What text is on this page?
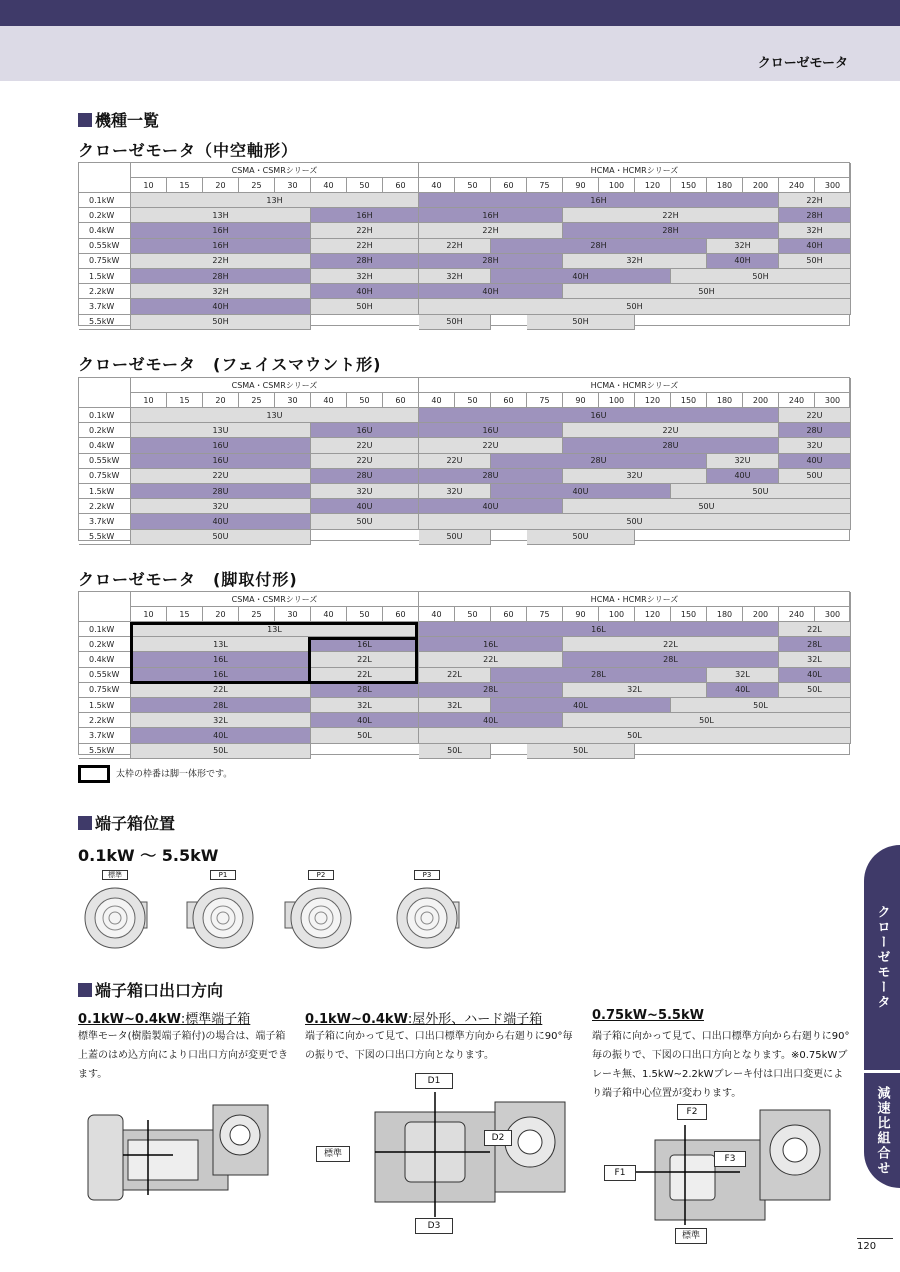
クローゼモータ
機種一覧
クローゼモータ（中空軸形）
CSMA・CSMRシリーズ	HCMA・HCMRシリーズ
10	15	20	25	30	40	50	60	40	50	60	75	90	100	120	150	180	200	240	300
0.1kW	13H	16H	22H
0.2kW	13H	16H	16H	22H	28H
0.4kW	16H	22H	22H	28H	32H
0.55kW	16H	22H	22H	28H	32H	40H
0.75kW	22H	28H	28H	32H	40H	50H
1.5kW	28H	32H	32H	40H	50H
2.2kW	32H	40H	40H	50H
3.7kW	40H	50H	50H
5.5kW	50H	50H	50H
クローゼモータ　(フェイスマウント形)
CSMA・CSMRシリーズ	HCMA・HCMRシリーズ
10	15	20	25	30	40	50	60	40	50	60	75	90	100	120	150	180	200	240	300
0.1kW	13U	16U	22U
0.2kW	13U	16U	16U	22U	28U
0.4kW	16U	22U	22U	28U	32U
0.55kW	16U	22U	22U	28U	32U	40U
0.75kW	22U	28U	28U	32U	40U	50U
1.5kW	28U	32U	32U	40U	50U
2.2kW	32U	40U	40U	50U
3.7kW	40U	50U	50U
5.5kW	50U	50U	50U
クローゼモータ　(脚取付形)
CSMA・CSMRシリーズ	HCMA・HCMRシリーズ
10	15	20	25	30	40	50	60	40	50	60	75	90	100	120	150	180	200	240	300
0.1kW	13L	16L	22L
0.2kW	13L	16L	16L	22L	28L
0.4kW	16L	22L	22L	28L	32L
0.55kW	16L	22L	22L	28L	32L	40L
0.75kW	22L	28L	28L	32L	40L	50L
1.5kW	28L	32L	32L	40L	50L
2.2kW	32L	40L	40L	50L
3.7kW	40L	50L	50L
5.5kW	50L	50L	50L
太枠の枠番は脚一体形です。
端子箱位置
0.1kW 〜 5.5kW
標準	P1	P2	P3
端子箱口出口方向
0.1kW~0.4kW:標準端子箱
標準モータ(樹脂製端子箱付)の場合は、端子箱上蓋のはめ込方向により口出口方向が変更できます。
0.1kW~0.4kW:屋外形、ハード端子箱
端子箱に向かって見て、口出口標準方向から右廻りに90°毎の振りで、下図の口出口方向となります。
0.75kW~5.5kW
端子箱に向かって見て、口出口標準方向から右廻りに90°毎の振りで、下図の口出口方向となります。※0.75kWブレーキ無、1.5kW~2.2kWブレーキ付は口出口変更により端子箱中心位置が変わります。
D1
D2
D3
標準
F2
F3
F1
標準
クローゼモータ
減速比組合せ
120
